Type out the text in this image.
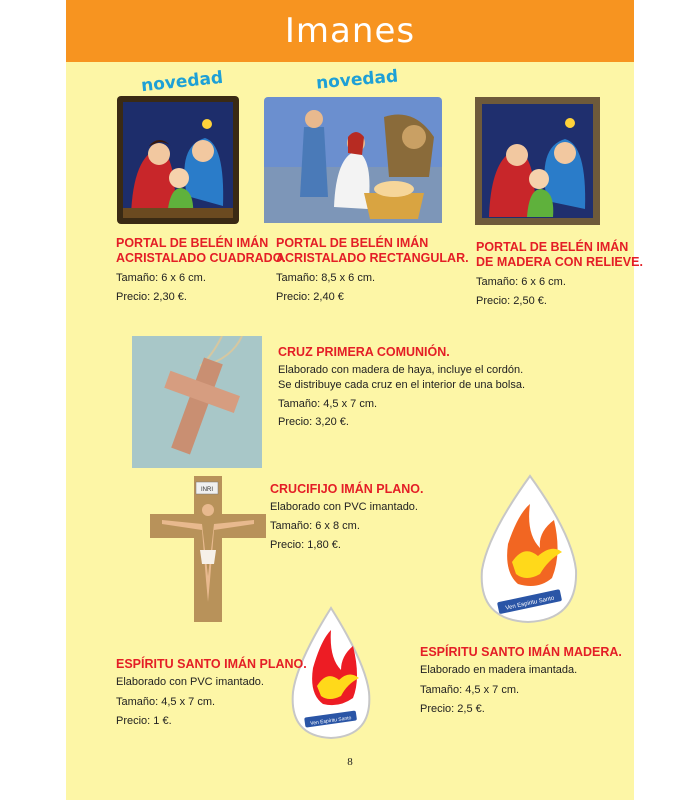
Imanes
novedad	novedad

PORTAL DE BELÉN IMÁN

ACRISTALADO CUADRADO.

Tamaño: 6 x 6 cm.

Precio: 2,30 €.

PORTAL DE BELÉN IMÁN

ACRISTALADO RECTANGULAR.

Tamaño: 8,5 x 6 cm.

Precio: 2,40 €

PORTAL DE BELÉN IMÁN

DE MADERA CON RELIEVE.

Tamaño: 6 x 6 cm.

Precio: 2,50 €.

CRUZ PRIMERA COMUNIÓN.

Elaborado con madera de haya, incluye el cordón.

Se distribuye cada cruz en el interior de una bolsa.

Tamaño: 4,5 x 7 cm.

Precio: 3,20 €.

INRI	CRUCIFIJO IMÁN PLANO.

Elaborado con PVC imantado.

Tamaño: 6 x 8 cm.

Precio: 1,80 €.

Ven Espíritu Santo

ESPÍRITU SANTO IMÁN MADERA.

Elaborado en madera imantada.

Tamaño: 4,5 x 7 cm.

Precio: 2,5 €.

Ven Espíritu Santo

ESPÍRITU SANTO IMÁN PLANO.

Elaborado con PVC imantado.

Tamaño: 4,5 x 7 cm.

Precio: 1 €.

8
